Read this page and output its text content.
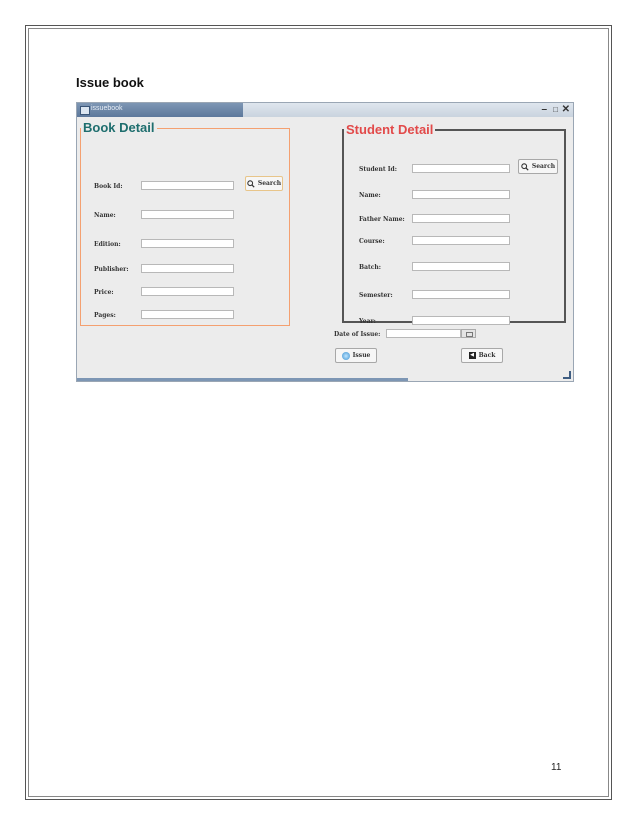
Issue book
issuebook	– □ ✕
Book Detail
Book Id:	Search
Name:
Edition:
Publisher:
Price:
Pages:
Student Detail
Student Id:	Search
Name:
Father Name:
Course:
Batch:
Semester:
Year:
Date of Issue:
Issue	◀ Back
11
